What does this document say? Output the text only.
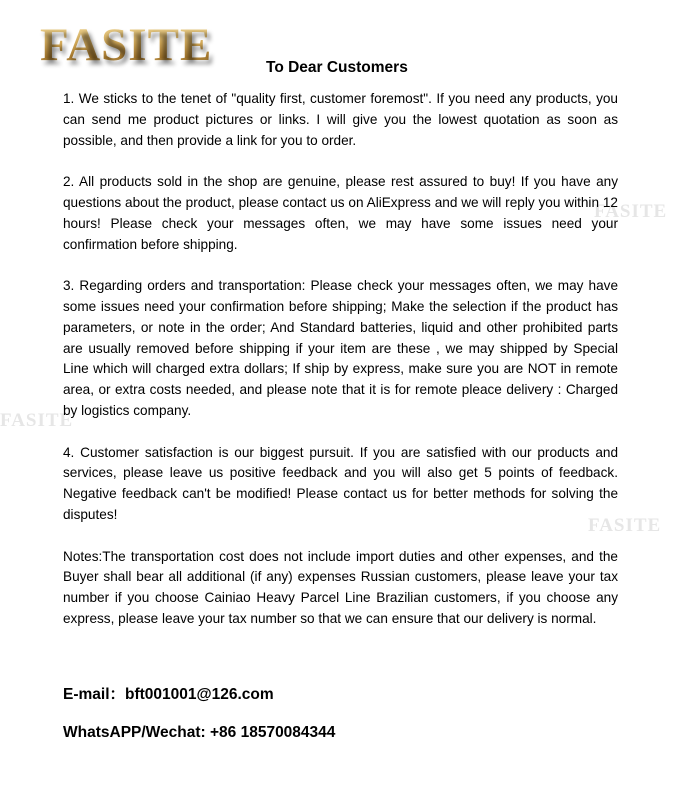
FASITE
FASITE
FASITE
FASITE
To Dear Customers

1. We sticks to the tenet of "quality first, customer foremost". If you need any products, you can send me product pictures or links. I will give you the lowest quotation as soon as possible, and then provide a link for you to order.

2. All products sold in the shop are genuine, please rest assured to buy! If you have any questions about the product, please contact us on AliExpress and we will reply you within 12 hours! Please check your messages often, we may have some issues need your confirmation before shipping.

3. Regarding orders and transportation: Please check your messages often, we may have some issues need your confirmation before shipping; Make the selection if the product has parameters, or note in the order; And Standard batteries, liquid and other prohibited parts are usually removed before shipping if your item are these , we may shipped by Special Line which will charged extra dollars; If ship by express, make sure you are NOT in remote area, or extra costs needed, and please note that it is for remote pleace delivery : Charged by logistics company.

4. Customer satisfaction is our biggest pursuit. If you are satisfied with our products and services, please leave us positive feedback and you will also get 5 points of feedback. Negative feedback can't be modified! Please contact us for better methods for solving the disputes!

Notes:The transportation cost does not include import duties and other expenses, and the Buyer shall bear all additional (if any) expenses Russian customers, please leave your tax number if you choose Cainiao Heavy Parcel Line Brazilian customers, if you choose any express, please leave your tax number so that we can ensure that our delivery is normal.

E-mail：bft001001@126.com
WhatsAPP/Wechat: +86 18570084344
